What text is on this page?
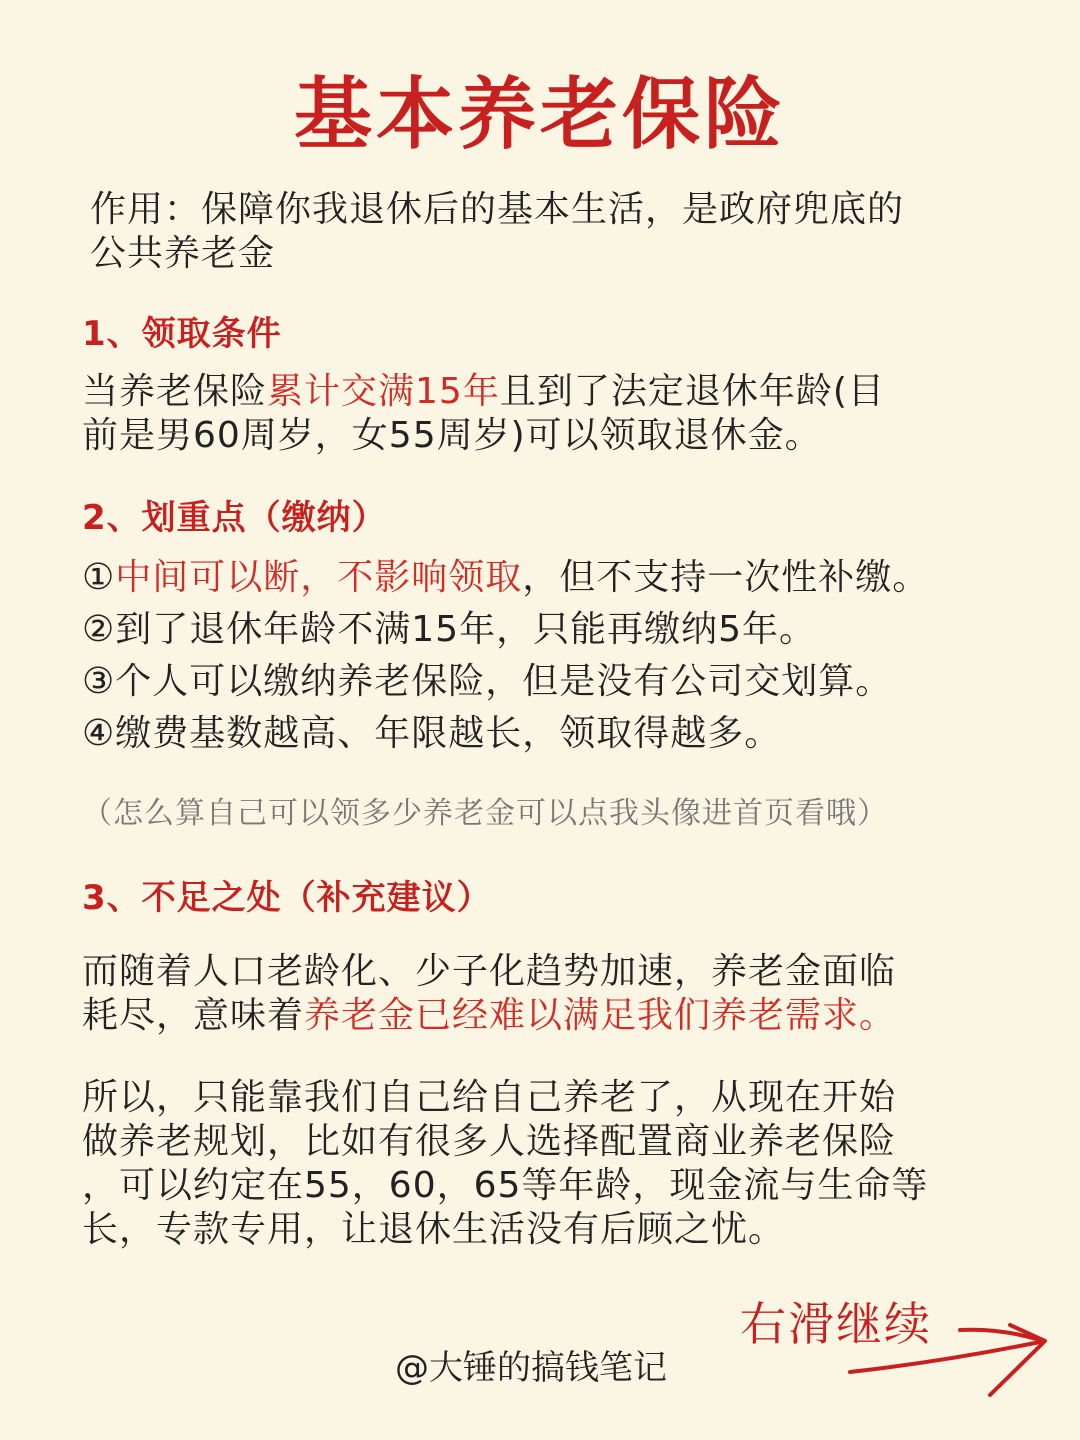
基本养老保险
作用：保障你我退休后的基本生活，是政府兜底的
公共养老金
1、领取条件
当养老保险累计交满15年且到了法定退休年龄(目
前是男60周岁，女55周岁)可以领取退休金。
2、划重点（缴纳）
①中间可以断，不影响领取，但不支持一次性补缴。
②到了退休年龄不满15年，只能再缴纳5年。
③个人可以缴纳养老保险，但是没有公司交划算。
④缴费基数越高、年限越长，领取得越多。
（怎么算自己可以领多少养老金可以点我头像进首页看哦）
3、不足之处（补充建议）
而随着人口老龄化、少子化趋势加速，养老金面临
耗尽，意味着养老金已经难以满足我们养老需求。
所以，只能靠我们自己给自己养老了，从现在开始
做养老规划，比如有很多人选择配置商业养老保险
，可以约定在55，60，65等年龄，现金流与生命等
长，专款专用，让退休生活没有后顾之忧。
右滑继续
@大锤的搞钱笔记
